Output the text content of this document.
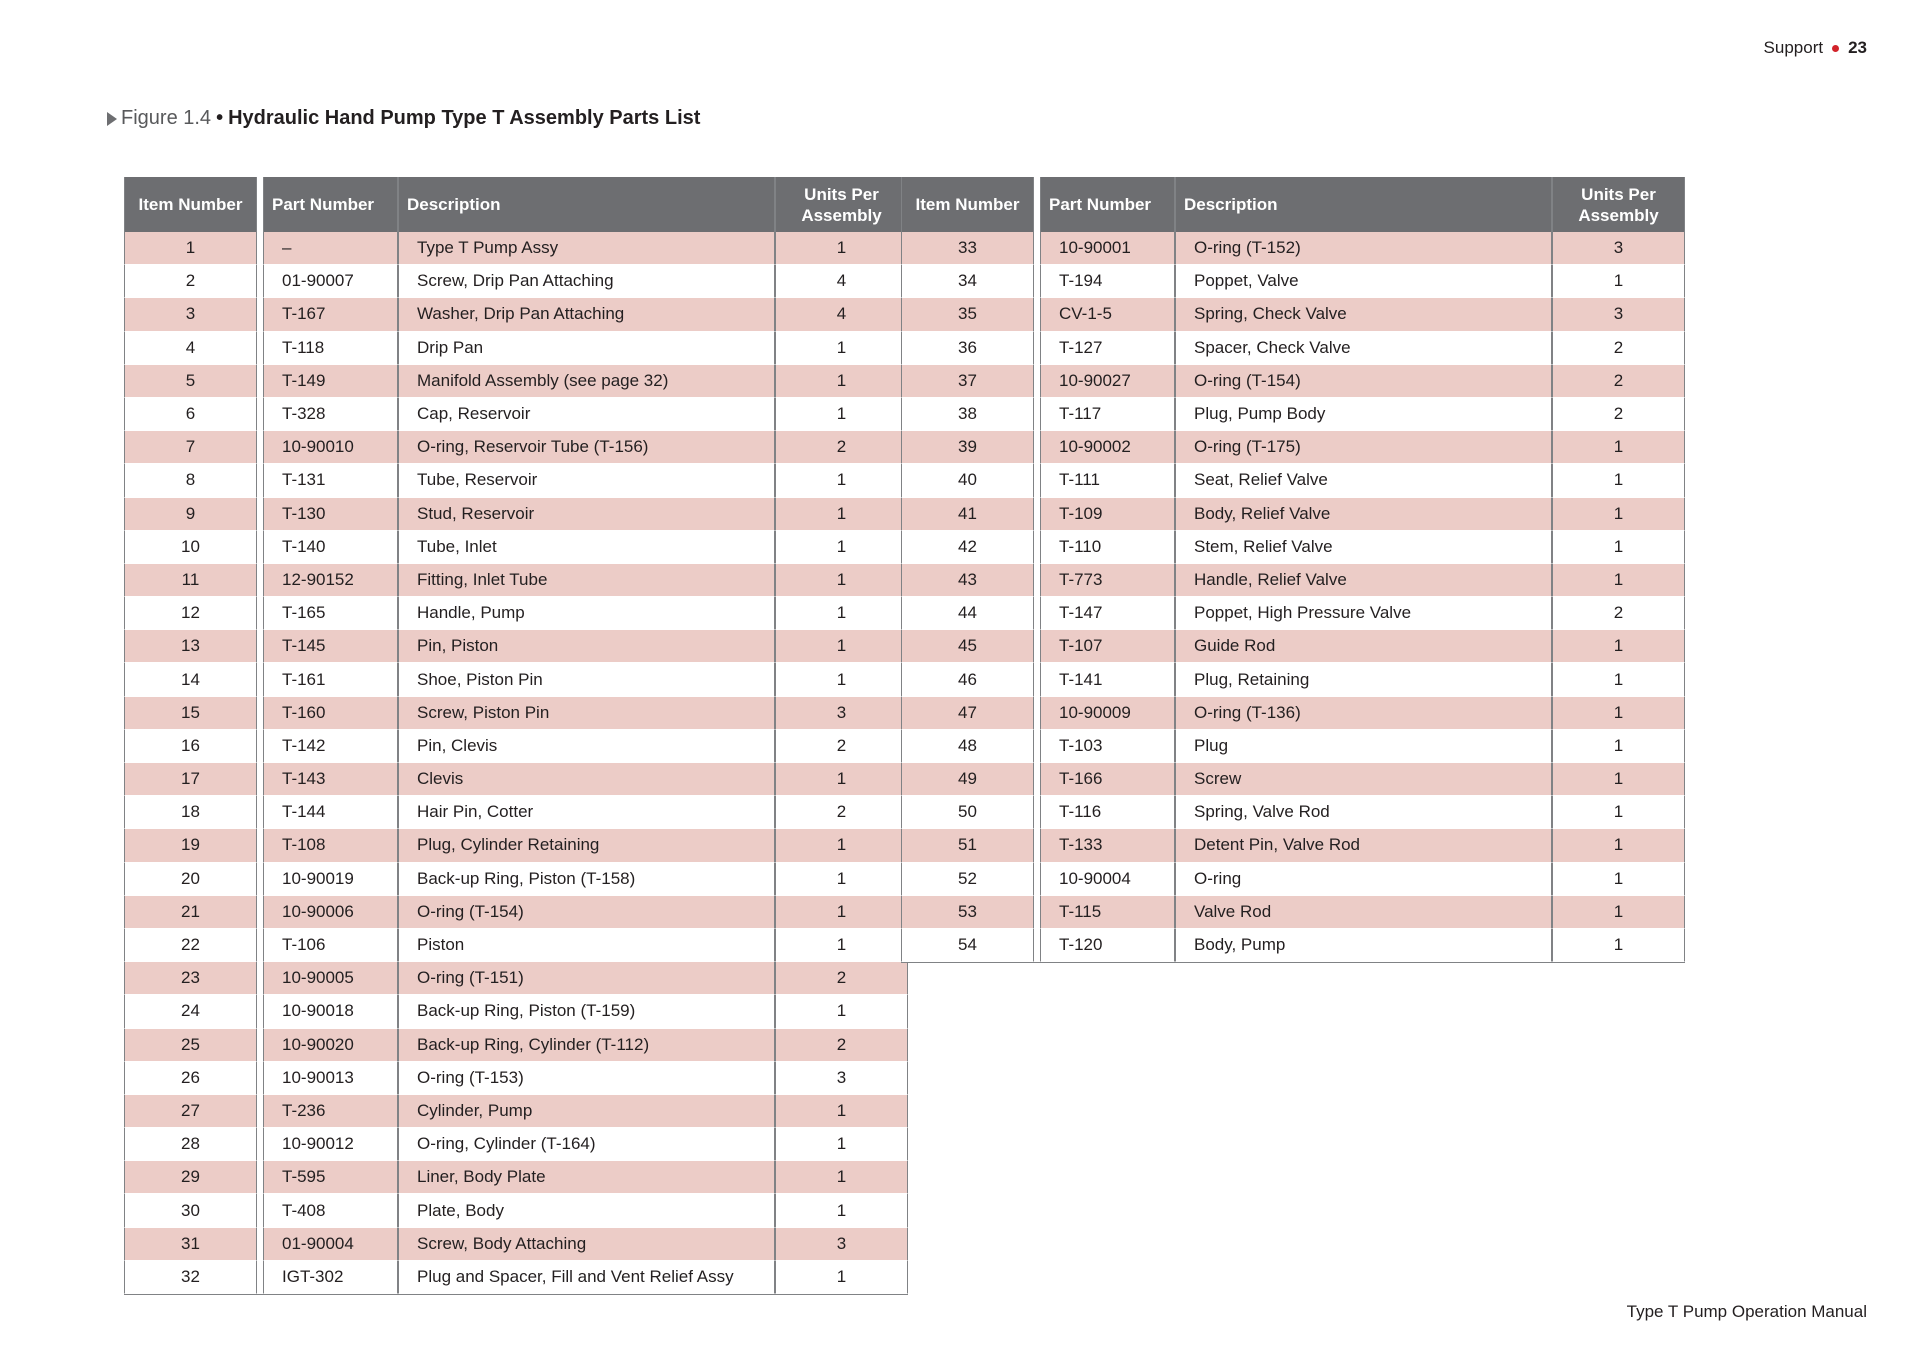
Support 23
Figure 1.4 • Hydraulic Hand Pump Type T Assembly Parts List
Item Number		Part Number	Description	Units Per Assembly
1		–	Type T Pump Assy	1
2		01-90007	Screw, Drip Pan Attaching	4
3		T-167	Washer, Drip Pan Attaching	4
4		T-118	Drip Pan	1
5		T-149	Manifold Assembly (see page 32)	1
6		T-328	Cap, Reservoir	1
7		10-90010	O-ring, Reservoir Tube (T-156)	2
8		T-131	Tube, Reservoir	1
9		T-130	Stud, Reservoir	1
10		T-140	Tube, Inlet	1
11		12-90152	Fitting, Inlet Tube	1
12		T-165	Handle, Pump	1
13		T-145	Pin, Piston	1
14		T-161	Shoe, Piston Pin	1
15		T-160	Screw, Piston Pin	3
16		T-142	Pin, Clevis	2
17		T-143	Clevis	1
18		T-144	Hair Pin, Cotter	2
19		T-108	Plug, Cylinder Retaining	1
20		10-90019	Back-up Ring, Piston (T-158)	1
21		10-90006	O-ring (T-154)	1
22		T-106	Piston	1
23		10-90005	O-ring (T-151)	2
24		10-90018	Back-up Ring, Piston (T-159)	1
25		10-90020	Back-up Ring, Cylinder (T-112)	2
26		10-90013	O-ring (T-153)	3
27		T-236	Cylinder, Pump	1
28		10-90012	O-ring, Cylinder (T-164)	1
29		T-595	Liner, Body Plate	1
30		T-408	Plate, Body	1
31		01-90004	Screw, Body Attaching	3
32		IGT-302	Plug and Spacer, Fill and Vent Relief Assy	1
Item Number		Part Number	Description	Units Per Assembly
33		10-90001	O-ring (T-152)	3
34		T-194	Poppet, Valve	1
35		CV-1-5	Spring, Check Valve	3
36		T-127	Spacer, Check Valve	2
37		10-90027	O-ring (T-154)	2
38		T-117	Plug, Pump Body	2
39		10-90002	O-ring (T-175)	1
40		T-111	Seat, Relief Valve	1
41		T-109	Body, Relief Valve	1
42		T-110	Stem, Relief Valve	1
43		T-773	Handle, Relief Valve	1
44		T-147	Poppet, High Pressure Valve	2
45		T-107	Guide Rod	1
46		T-141	Plug, Retaining	1
47		10-90009	O-ring (T-136)	1
48		T-103	Plug	1
49		T-166	Screw	1
50		T-116	Spring, Valve Rod	1
51		T-133	Detent Pin, Valve Rod	1
52		10-90004	O-ring	1
53		T-115	Valve Rod	1
54		T-120	Body, Pump	1
Type T Pump Operation Manual
